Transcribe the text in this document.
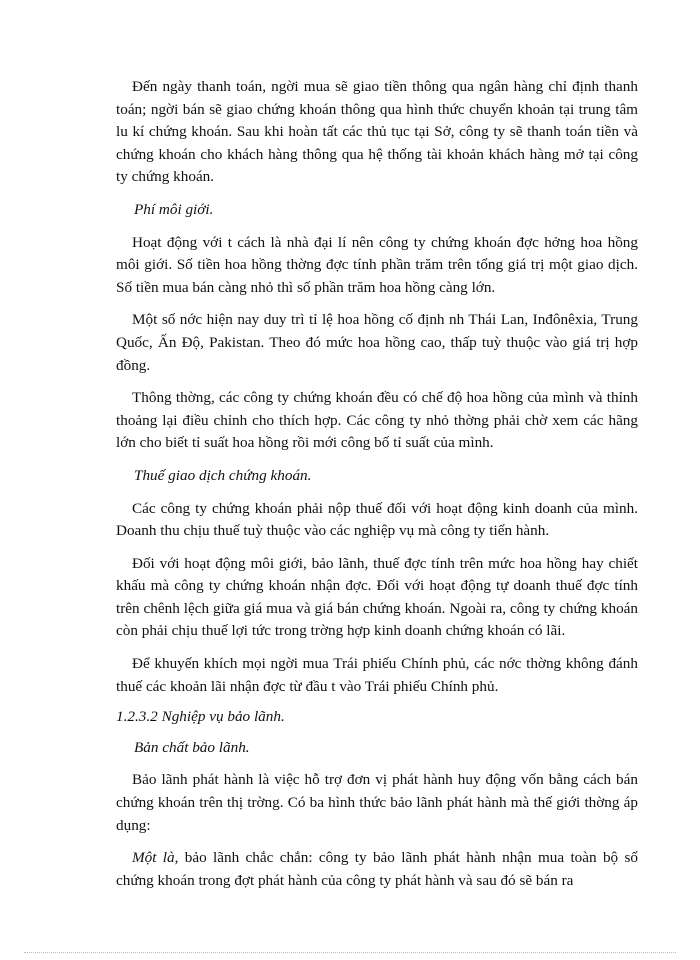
Đến ngày thanh toán, ngời mua sẽ giao tiền thông qua ngân hàng chỉ định thanh toán; ngời bán sẽ giao chứng khoán thông qua hình thức chuyển khoản tại trung tâm lu kí chứng khoán. Sau khi hoàn tất các thủ tục tại Sở, công ty sẽ thanh toán tiền và chứng khoán cho khách hàng thông qua hệ thống tài khoản khách hàng mở tại công ty chứng khoán.

Phí môi giới.

Hoạt động với t cách là nhà đại lí nên công ty chứng khoán đợc hởng hoa hồng môi giới. Số tiền hoa hồng thờng đợc tính phần trăm trên tổng giá trị một giao dịch. Số tiền mua bán càng nhỏ thì số phần trăm hoa hồng càng lớn.

Một số nớc hiện nay duy trì tỉ lệ hoa hồng cố định nh Thái Lan, Inđônêxia, Trung Quốc, Ấn Độ, Pakistan. Theo đó mức hoa hồng cao, thấp tuỳ thuộc vào giá trị hợp đồng.

Thông thờng, các công ty chứng khoán đều có chế độ hoa hồng của mình và thỉnh thoảng lại điều chỉnh cho thích hợp. Các công ty nhỏ thờng phải chờ xem các hãng lớn cho biết tỉ suất hoa hồng rồi mới công bố tỉ suất của mình.

Thuế giao dịch chứng khoán.

Các công ty chứng khoán phải nộp thuế đối với hoạt động kinh doanh của mình. Doanh thu chịu thuế tuỳ thuộc vào các nghiệp vụ mà công ty tiến hành.

Đối với hoạt động môi giới, bảo lãnh, thuế đợc tính trên mức hoa hồng hay chiết khấu mà công ty chứng khoán nhận đợc. Đối với hoạt động tự doanh thuế đợc tính trên chênh lệch giữa giá mua và giá bán chứng khoán. Ngoài ra, công ty chứng khoán còn phải chịu thuế lợi tức trong trờng hợp kinh doanh chứng khoán có lãi.

Để khuyến khích mọi ngời mua Trái phiếu Chính phủ, các nớc thờng không đánh thuế các khoản lãi nhận đợc từ đầu t vào Trái phiếu Chính phủ.

1.2.3.2 Nghiệp vụ bảo lãnh.

Bản chất bảo lãnh.

Bảo lãnh phát hành là việc hỗ trợ đơn vị phát hành huy động vốn bằng cách bán chứng khoán trên thị trờng. Có ba hình thức bảo lãnh phát hành mà thế giới thờng áp dụng:

Một là, bảo lãnh chắc chắn: công ty bảo lãnh phát hành nhận mua toàn bộ số chứng khoán trong đợt phát hành của công ty phát hành và sau đó sẽ bán ra
